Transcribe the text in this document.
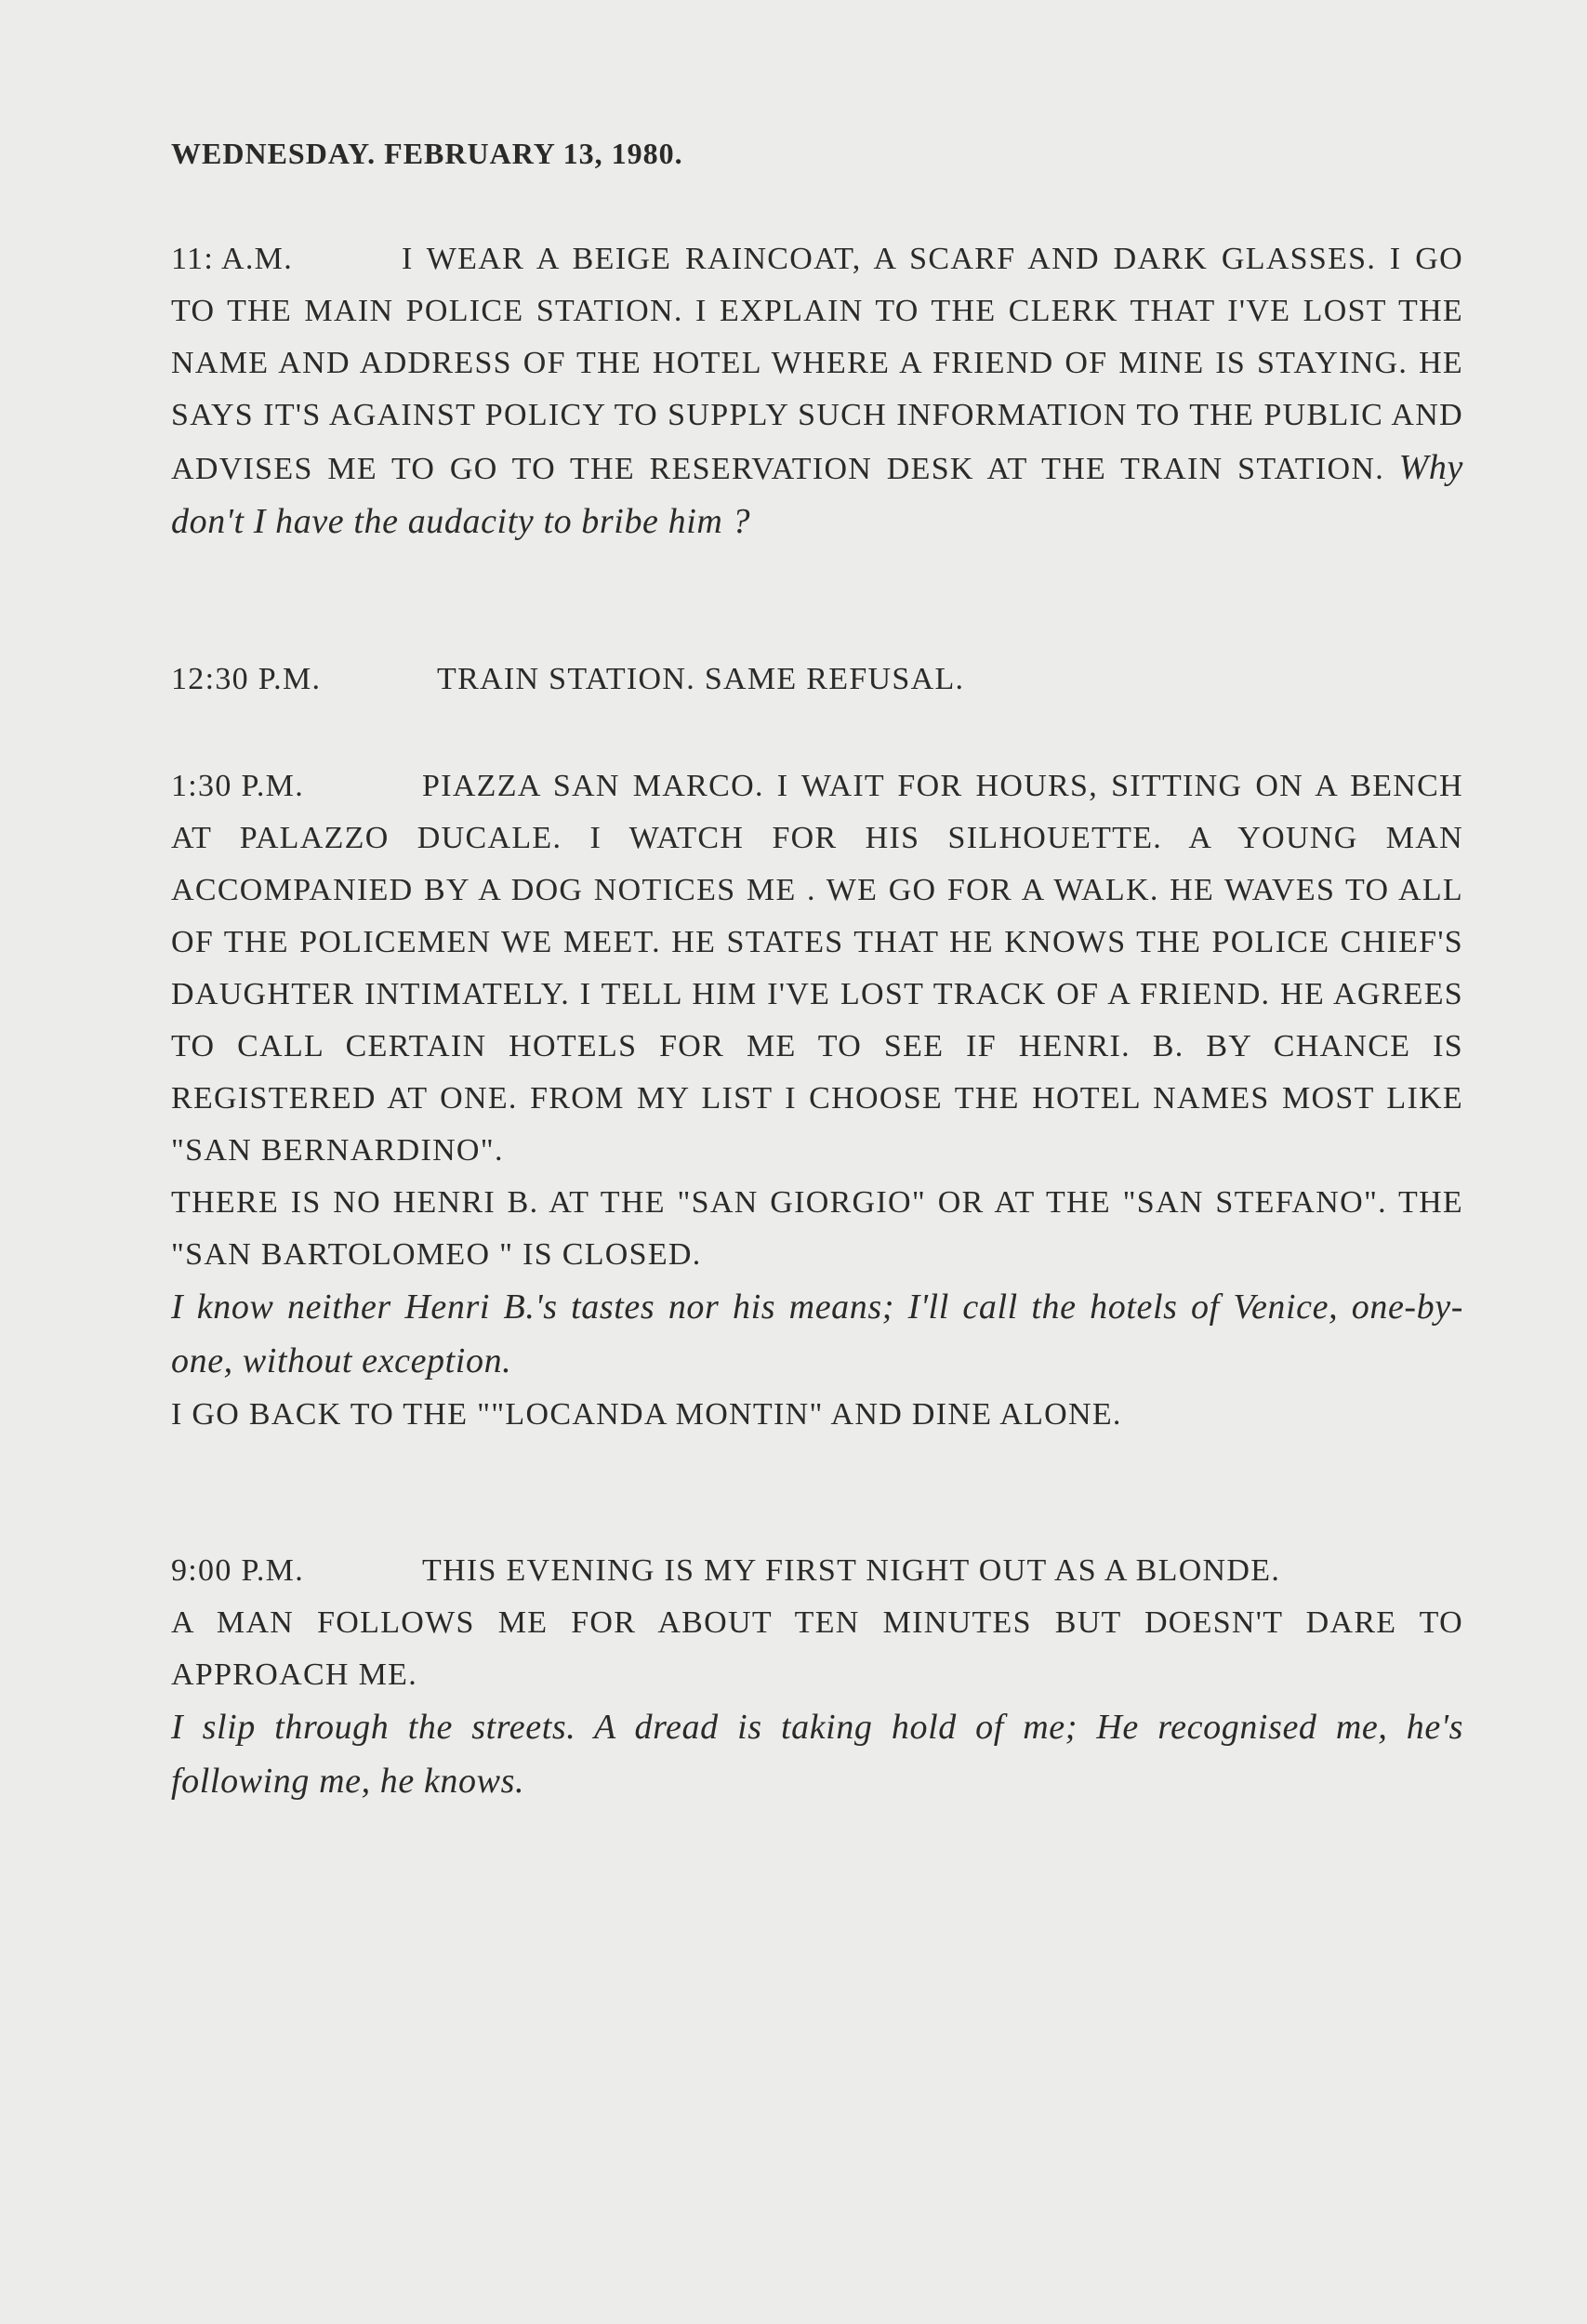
WEDNESDAY. FEBRUARY 13, 1980.

11: A.M.	I WEAR A BEIGE RAINCOAT, A SCARF AND DARK GLASSES. I GO TO THE MAIN POLICE STATION. I EXPLAIN TO THE CLERK THAT I'VE LOST THE NAME AND ADDRESS OF THE HOTEL WHERE A FRIEND OF MINE IS STAYING. HE SAYS IT'S AGAINST POLICY TO SUPPLY SUCH INFORMATION TO THE PUBLIC AND ADVISES ME TO GO TO THE RESERVATION DESK AT THE TRAIN STATION. Why don't I have the audacity to bribe him ?

12:30 P.M.	TRAIN STATION. SAME REFUSAL.

1:30 P.M.	PIAZZA SAN MARCO. I WAIT FOR HOURS, SITTING ON A BENCH AT PALAZZO DUCALE. I WATCH FOR HIS SILHOUETTE. A YOUNG MAN ACCOMPANIED BY A DOG NOTICES ME . WE GO FOR A WALK. HE WAVES TO ALL OF THE POLICEMEN WE MEET. HE STATES THAT HE KNOWS THE POLICE CHIEF'S DAUGHTER INTIMATELY. I TELL HIM I'VE LOST TRACK OF A FRIEND. HE AGREES TO CALL CERTAIN HOTELS FOR ME TO SEE IF HENRI. B. BY CHANCE IS REGISTERED AT ONE. FROM MY LIST I CHOOSE THE HOTEL NAMES MOST LIKE "SAN BERNARDINO".

THERE IS NO HENRI B. AT THE "SAN GIORGIO" OR AT THE "SAN STEFANO". THE "SAN BARTOLOMEO " IS CLOSED.

I know neither Henri B.'s tastes nor his means; I'll call the hotels of Venice, one-by-one, without exception.

I GO BACK TO THE ""LOCANDA MONTIN" AND DINE ALONE.

9:00 P.M.	THIS EVENING IS MY FIRST NIGHT OUT AS A BLONDE.

A MAN FOLLOWS ME FOR ABOUT TEN MINUTES BUT DOESN'T DARE TO APPROACH ME.

I slip through the streets. A dread is taking hold of me; He recognised me, he's following me, he knows.
